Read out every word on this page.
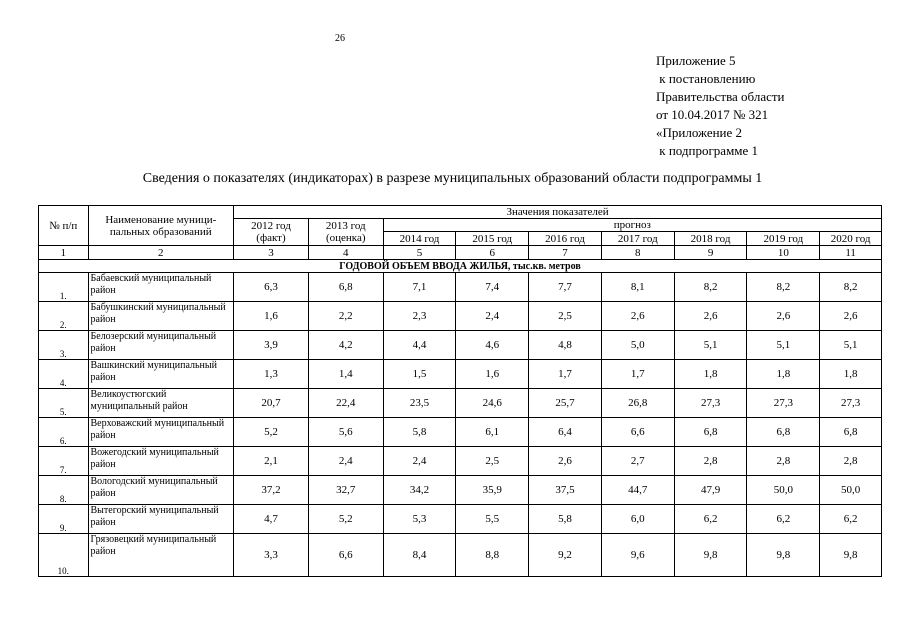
26
Приложение 5
к постановлению
Правительства области
от 10.04.2017 № 321
«Приложение 2
к подпрограмме 1
Сведения о показателях (индикаторах) в разрезе муниципальных образований области подпрограммы 1
№ п/п	Наименование муници-пальных образований	Значения показателей								
		2012 год (факт)	2013 год (оценка)	прогноз						
				2014 год	2015 год	2016 год	2017 год	2018 год	2019 год	2020 год
1	2	3	4	5	6	7	8	9	10	11
ГОДОВОЙ ОБЪЕМ ВВОДА ЖИЛЬЯ, тыс.кв. метров										
1.	Бабаевский муниципальный район	6,3	6,8	7,1	7,4	7,7	8,1	8,2	8,2	8,2
2.	Бабушкинский муниципальный район	1,6	2,2	2,3	2,4	2,5	2,6	2,6	2,6	2,6
3.	Белозерский муниципальный район	3,9	4,2	4,4	4,6	4,8	5,0	5,1	5,1	5,1
4.	Вашкинский муниципальный район	1,3	1,4	1,5	1,6	1,7	1,7	1,8	1,8	1,8
5.	Великоустюгский муниципальный район	20,7	22,4	23,5	24,6	25,7	26,8	27,3	27,3	27,3
6.	Верховажский муниципальный район	5,2	5,6	5,8	6,1	6,4	6,6	6,8	6,8	6,8
7.	Вожегодский муниципальный район	2,1	2,4	2,4	2,5	2,6	2,7	2,8	2,8	2,8
8.	Вологодский муниципальный район	37,2	32,7	34,2	35,9	37,5	44,7	47,9	50,0	50,0
9.	Вытегорский муниципальный район	4,7	5,2	5,3	5,5	5,8	6,0	6,2	6,2	6,2
10.	Грязовецкий муниципальный район	3,3	6,6	8,4	8,8	9,2	9,6	9,8	9,8	9,8
